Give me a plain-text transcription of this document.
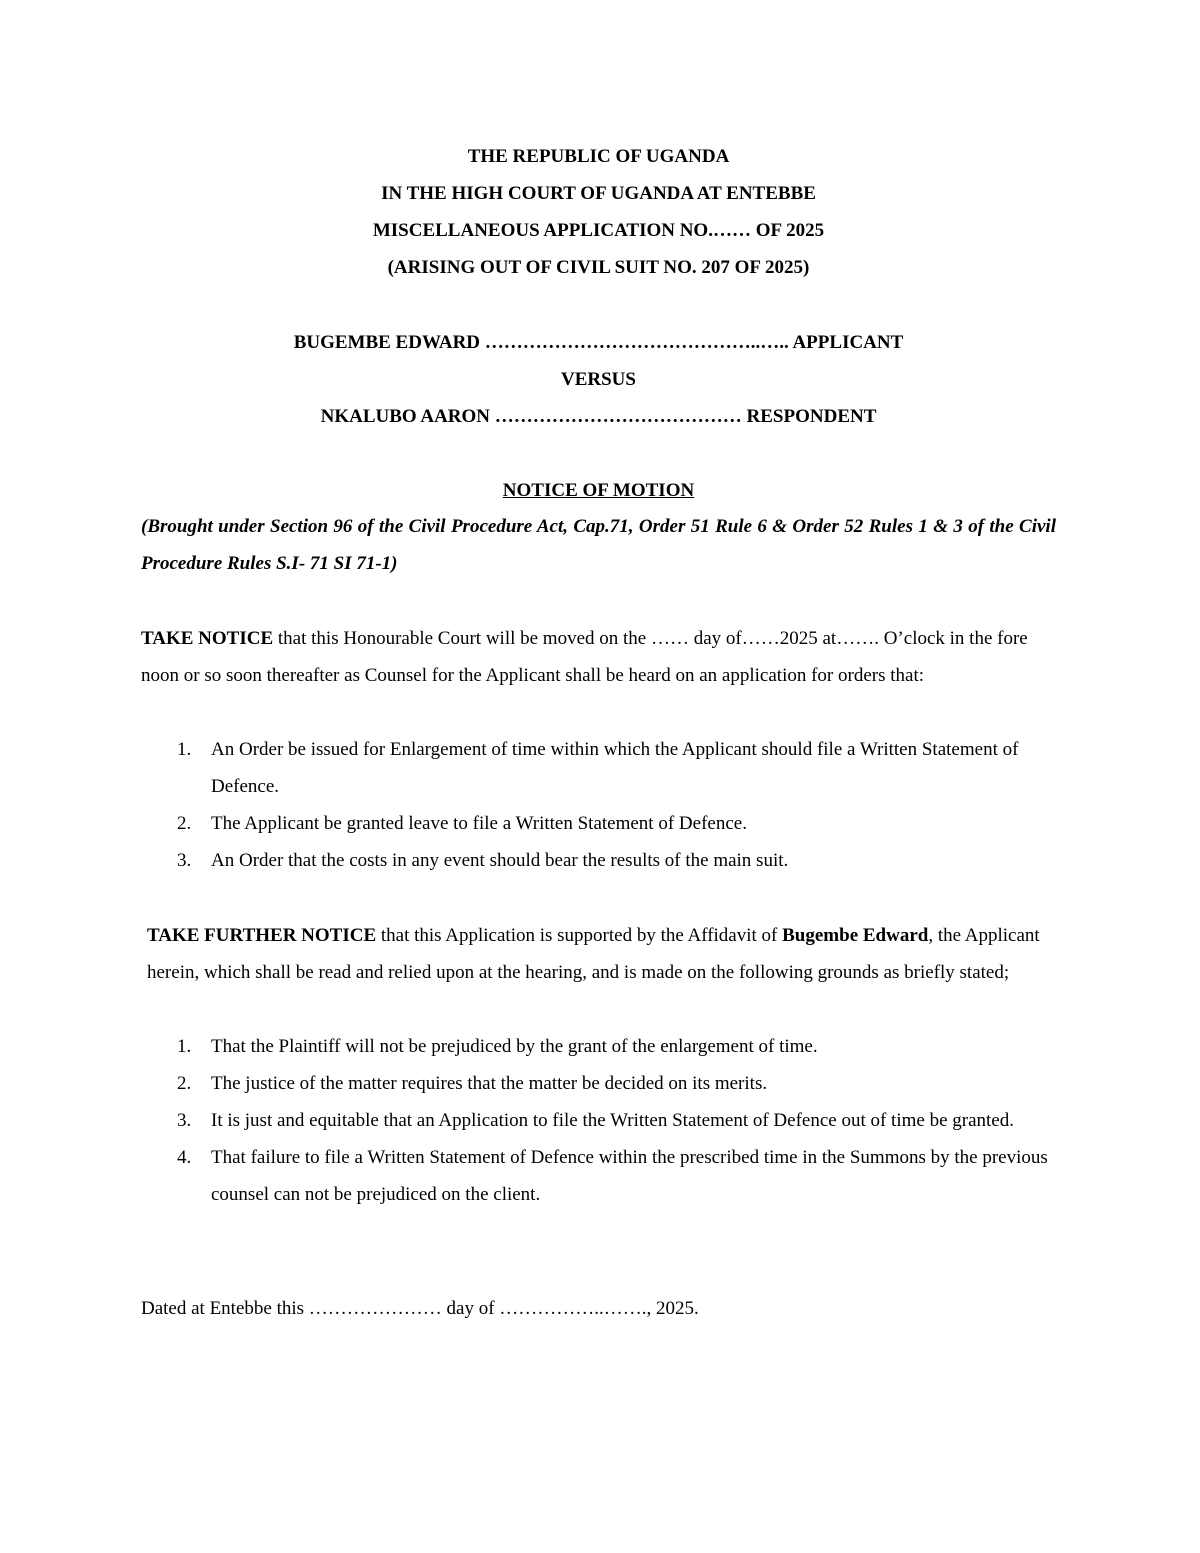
THE REPUBLIC OF UGANDA

IN THE HIGH COURT OF UGANDA AT ENTEBBE

MISCELLANEOUS APPLICATION NO.…… OF 2025

(ARISING OUT OF CIVIL SUIT NO. 207 OF 2025)

BUGEMBE EDWARD ……………………………………..….. APPLICANT

VERSUS

NKALUBO AARON ………………………………… RESPONDENT

NOTICE OF MOTION

(Brought under Section 96 of the Civil Procedure Act, Cap.71, Order 51 Rule 6 & Order 52 Rules 1 & 3 of the Civil Procedure Rules S.I- 71 SI 71-1)

TAKE NOTICE that this Honourable Court will be moved on the …… day of……2025 at……. O’clock in the fore noon or so soon thereafter as Counsel for the Applicant shall be heard on an application for orders that:

1. An Order be issued for Enlargement of time within which the Applicant should file a Written Statement of Defence.
2. The Applicant be granted leave to file a Written Statement of Defence.
3. An Order that the costs in any event should bear the results of the main suit.

TAKE FURTHER NOTICE that this Application is supported by the Affidavit of Bugembe Edward, the Applicant herein, which shall be read and relied upon at the hearing, and is made on the following grounds as briefly stated;

1. That the Plaintiff will not be prejudiced by the grant of the enlargement of time.
2. The justice of the matter requires that the matter be decided on its merits.
3. It is just and equitable that an Application to file the Written Statement of Defence out of time be granted.
4. That failure to file a Written Statement of Defence within the prescribed time in the Summons by the previous counsel can not be prejudiced on the client.

Dated at Entebbe this ………………… day of ……………..……., 2025.
